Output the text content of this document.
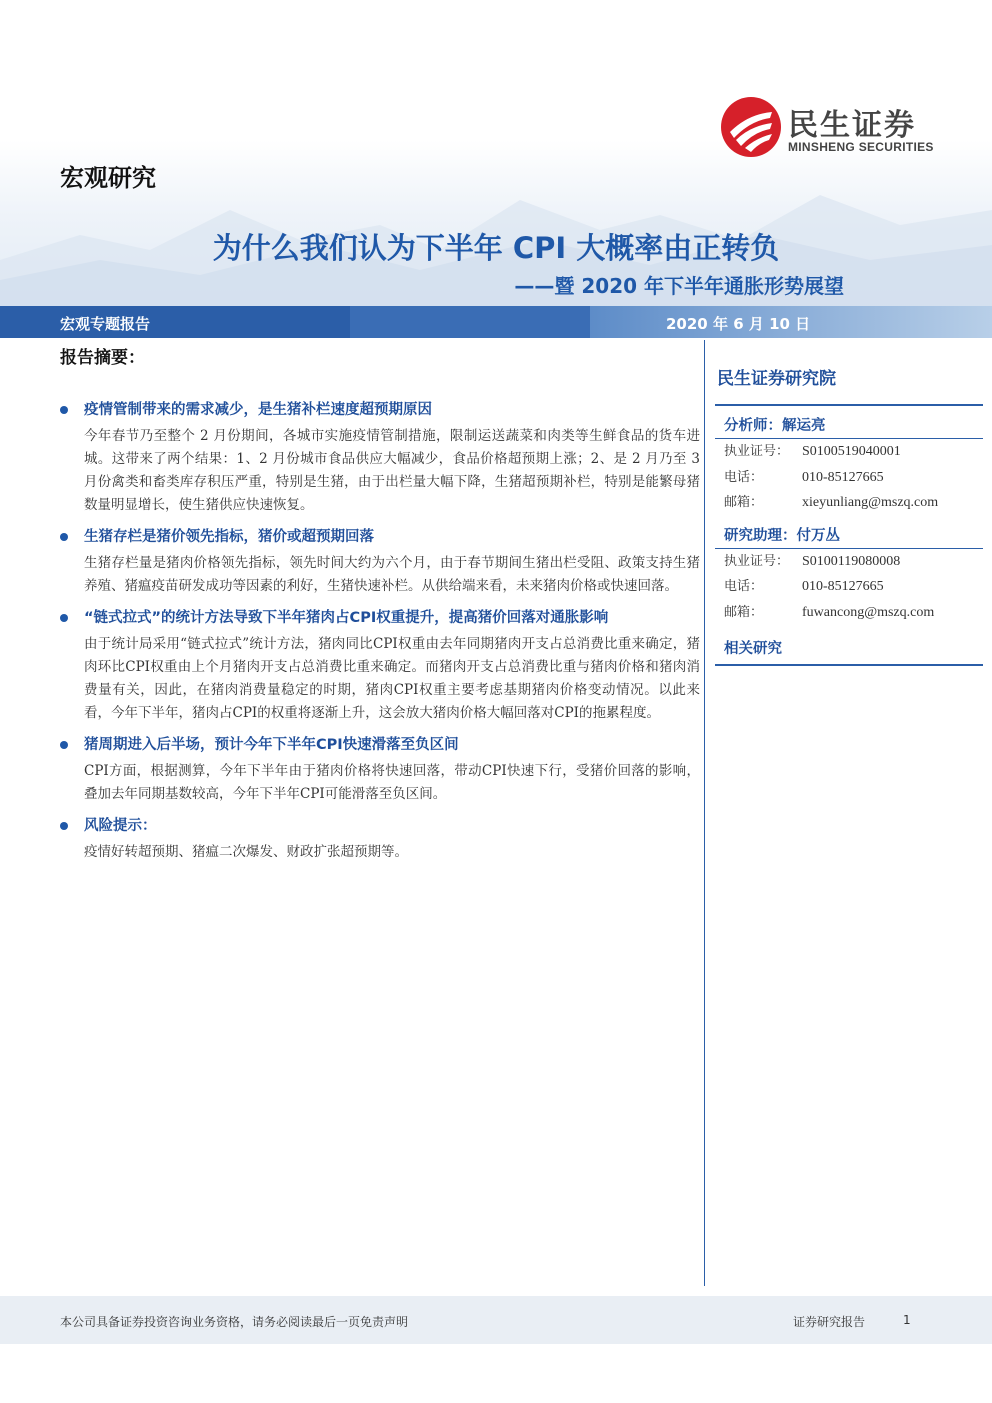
民生证券
MINSHENG SECURITIES
宏观研究
为什么我们认为下半年 CPI 大概率由正转负
——暨 2020 年下半年通胀形势展望
宏观专题报告	2020 年 6 月 10 日
报告摘要：
疫情管制带来的需求减少，是生猪补栏速度超预期原因
今年春节乃至整个 2 月份期间，各城市实施疫情管制措施，限制运送蔬菜和肉类等生鲜食品的货车进城。这带来了两个结果：1、2 月份城市食品供应大幅减少，食品价格超预期上涨；2、是 2 月乃至 3 月份禽类和畜类库存积压严重，特别是生猪，由于出栏量大幅下降，生猪超预期补栏，特别是能繁母猪数量明显增长，使生猪供应快速恢复。
生猪存栏是猪价领先指标，猪价或超预期回落
生猪存栏量是猪肉价格领先指标，领先时间大约为六个月，由于春节期间生猪出栏受阻、政策支持生猪养殖、猪瘟疫苗研发成功等因素的利好，生猪快速补栏。从供给端来看，未来猪肉价格或快速回落。
“链式拉式”的统计方法导致下半年猪肉占CPI权重提升，提高猪价回落对通胀影响
由于统计局采用“链式拉式”统计方法，猪肉同比CPI权重由去年同期猪肉开支占总消费比重来确定，猪肉环比CPI权重由上个月猪肉开支占总消费比重来确定。而猪肉开支占总消费比重与猪肉价格和猪肉消费量有关，因此，在猪肉消费量稳定的时期，猪肉CPI权重主要考虑基期猪肉价格变动情况。以此来看，今年下半年，猪肉占CPI的权重将逐渐上升，这会放大猪肉价格大幅回落对CPI的拖累程度。
猪周期进入后半场，预计今年下半年CPI快速滑落至负区间
CPI方面，根据测算，今年下半年由于猪肉价格将快速回落，带动CPI快速下行，受猪价回落的影响，叠加去年同期基数较高，今年下半年CPI可能滑落至负区间。
风险提示：
疫情好转超预期、猪瘟二次爆发、财政扩张超预期等。
民生证券研究院
分析师：解运亮
执业证号： S0100519040001
电话：	010-85127665
邮箱：	xieyunliang@mszq.com
研究助理：付万丛
执业证号： S0100119080008
电话：	010-85127665
邮箱：	fuwancong@mszq.com
相关研究
本公司具备证券投资咨询业务资格，请务必阅读最后一页免责声明	证券研究报告	1
